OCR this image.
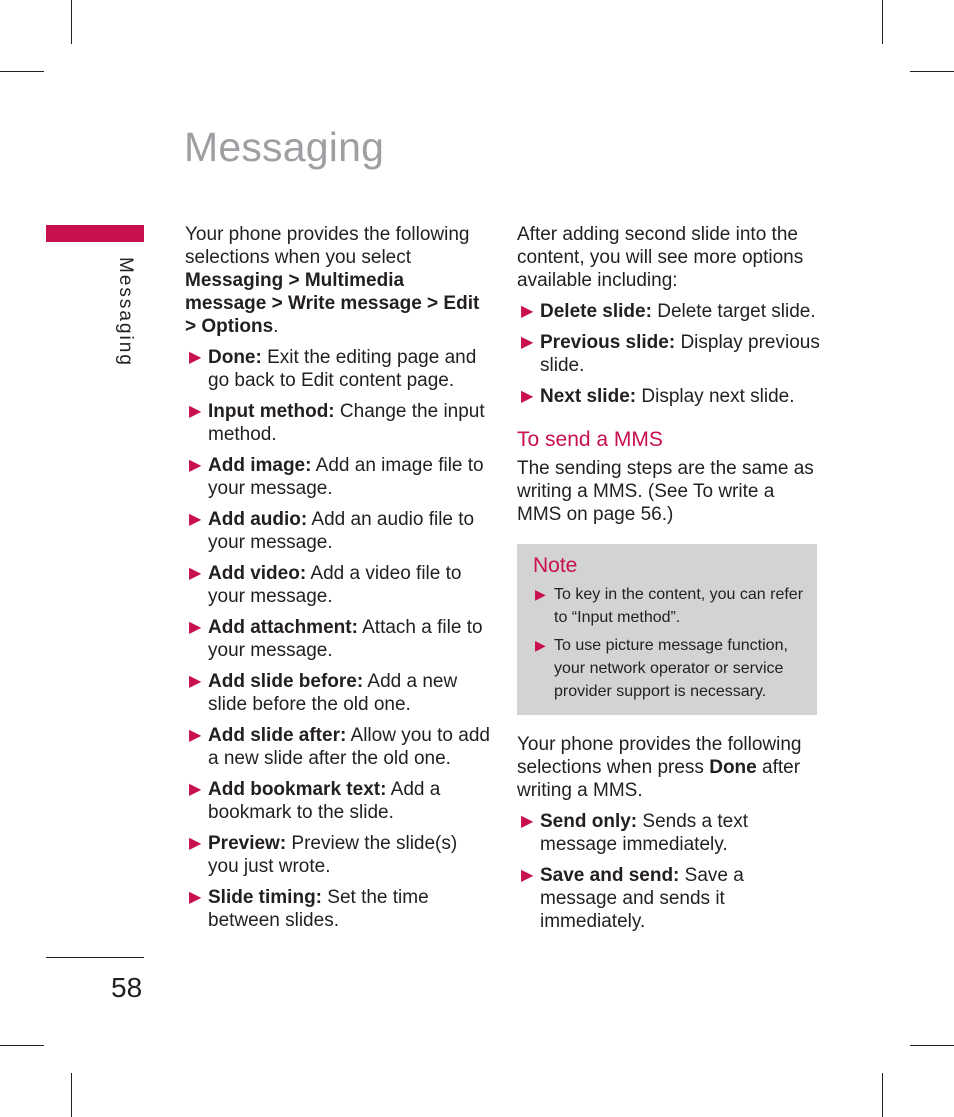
Messaging
Messaging
58

Your phone provides the following selections when you select Messaging > Multimedia message > Write message > Edit > Options.

▶ Done: Exit the editing page and go back to Edit content page.
▶ Input method: Change the input method.
▶ Add image: Add an image file to your message.
▶ Add audio: Add an audio file to your message.
▶ Add video: Add a video file to your message.
▶ Add attachment: Attach a file to your message.
▶ Add slide before: Add a new slide before the old one.
▶ Add slide after: Allow you to add a new slide after the old one.
▶ Add bookmark text: Add a bookmark to the slide.
▶ Preview: Preview the slide(s) you just wrote.
▶ Slide timing: Set the time between slides.

After adding second slide into the content, you will see more options available including:

▶ Delete slide: Delete target slide.
▶ Previous slide: Display previous slide.
▶ Next slide: Display next slide.
To send a MMS

The sending steps are the same as writing a MMS. (See To write a MMS on page 56.)

Note
▶ To key in the content, you can refer to “Input method”.
▶ To use picture message function, your network operator or service provider support is necessary.

Your phone provides the following selections when press Done after writing a MMS.

▶ Send only: Sends a text message immediately.
▶ Save and send: Save a message and sends it immediately.
